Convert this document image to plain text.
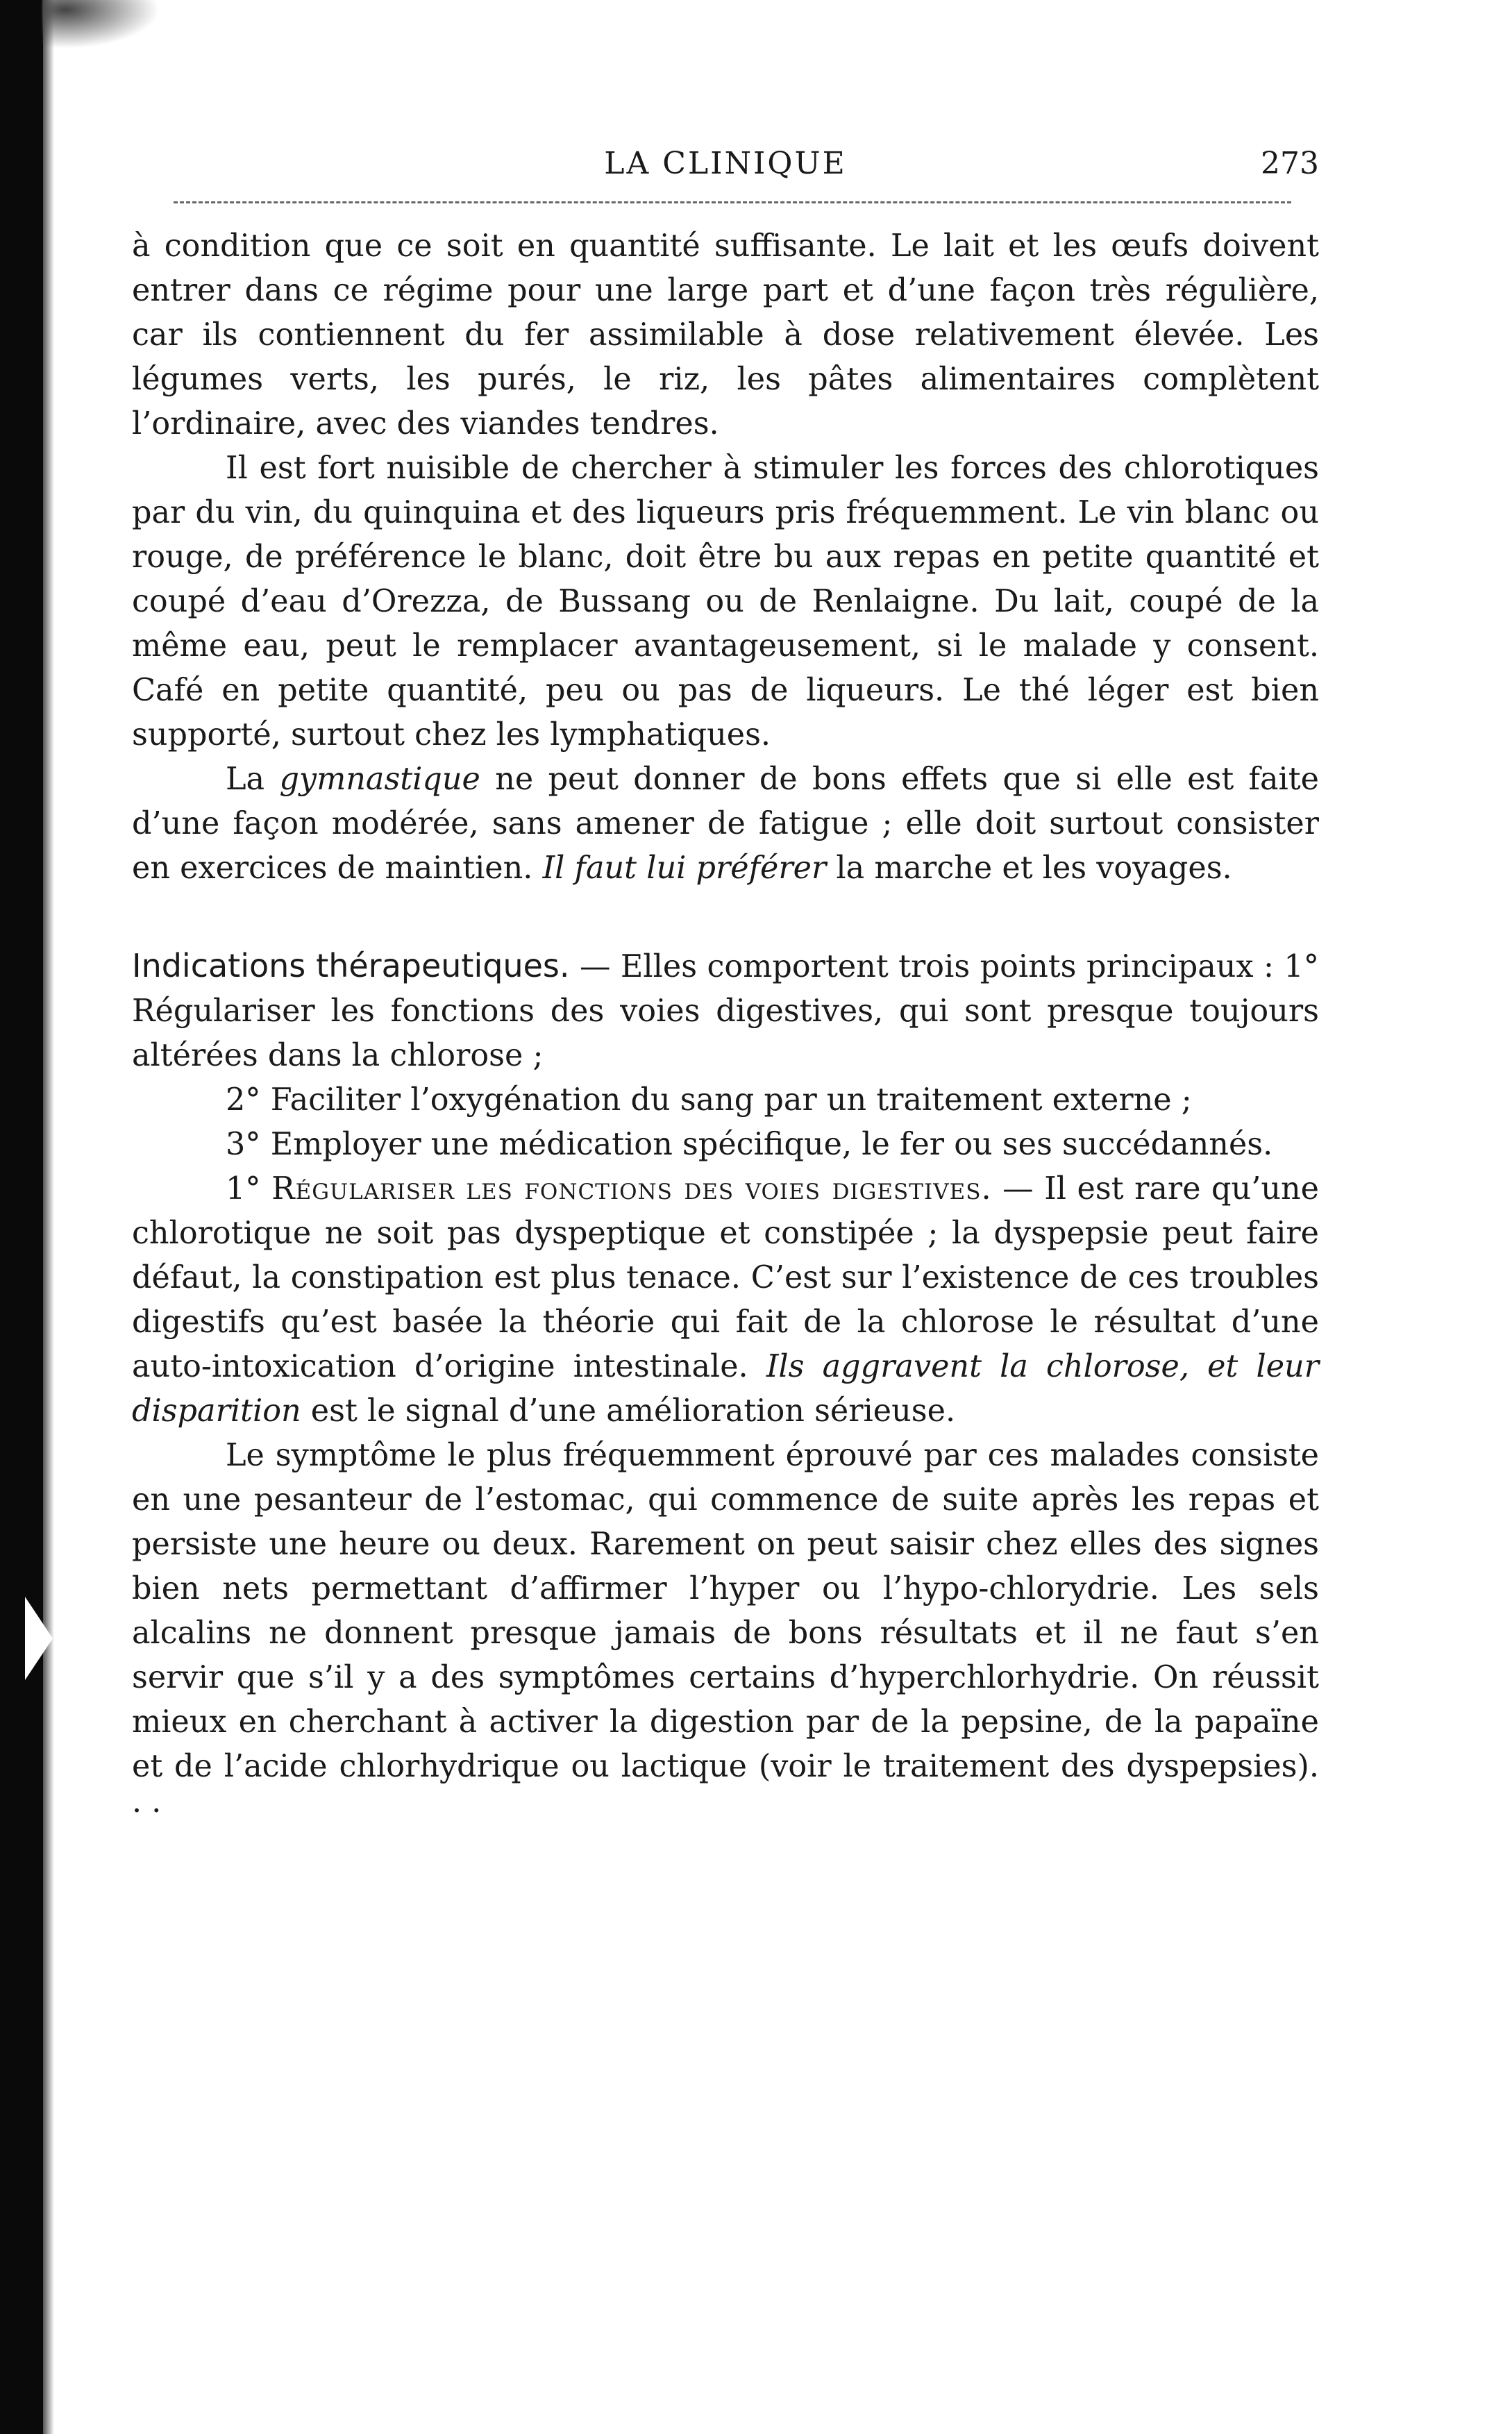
LA CLINIQUE	273

à condition que ce soit en quantité suffisante. Le lait et les œufs doivent entrer dans ce régime pour une large part et d’une façon très régulière, car ils contiennent du fer assimilable à dose relativement élevée. Les légumes verts, les purés, le riz, les pâtes alimentaires complètent l’ordinaire, avec des viandes tendres.

Il est fort nuisible de chercher à stimuler les forces des chlorotiques par du vin, du quinquina et des liqueurs pris fréquemment. Le vin blanc ou rouge, de préférence le blanc, doit être bu aux repas en petite quantité et coupé d’eau d’Orezza, de Bussang ou de Renlaigne. Du lait, coupé de la même eau, peut le remplacer avantageusement, si le malade y consent. Café en petite quantité, peu ou pas de liqueurs. Le thé léger est bien supporté, surtout chez les lymphatiques.

La gymnastique ne peut donner de bons effets que si elle est faite d’une façon modérée, sans amener de fatigue ; elle doit surtout consister en exercices de maintien. Il faut lui préférer la marche et les voyages.

Indications thérapeutiques. — Elles comportent trois points principaux : 1° Régulariser les fonctions des voies digestives, qui sont presque toujours altérées dans la chlorose ;

2° Faciliter l’oxygénation du sang par un traitement externe ;

3° Employer une médication spécifique, le fer ou ses succédannés.

1° Régulariser les fonctions des voies digestives. — Il est rare qu’une chlorotique ne soit pas dyspeptique et constipée ; la dyspepsie peut faire défaut, la constipation est plus tenace. C’est sur l’existence de ces troubles digestifs qu’est basée la théorie qui fait de la chlorose le résultat d’une auto-intoxication d’origine intestinale. Ils aggravent la chlorose, et leur disparition est le signal d’une amélioration sérieuse.

Le symptôme le plus fréquemment éprouvé par ces malades consiste en une pesanteur de l’estomac, qui commence de suite après les repas et persiste une heure ou deux. Rarement on peut saisir chez elles des signes bien nets permettant d’affirmer l’hyper ou l’hypo-chlorydrie. Les sels alcalins ne donnent presque jamais de bons résultats et il ne faut s’en servir que s’il y a des symptômes certains d’hyperchlorhydrie. On réussit mieux en cherchant à activer la digestion par de la pepsine, de la papaïne et de l’acide chlorhydrique ou lactique (voir le traitement des dyspepsies). · ·
